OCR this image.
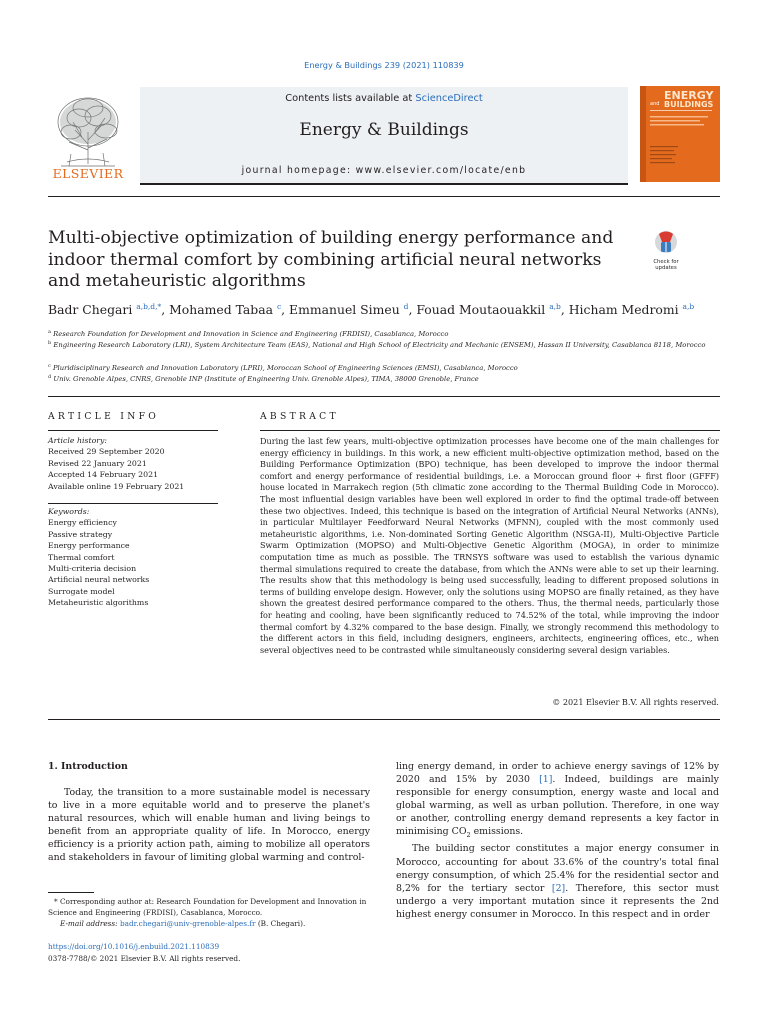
Energy & Buildings 239 (2021) 110839
ELSEVIER
Contents lists available at ScienceDirect
Energy & Buildings
journal homepage: www.elsevier.com/locate/enb
and
ENERGY
BUILDINGS
Multi-objective optimization of building energy performance and indoor thermal comfort by combining artificial neural networks and metaheuristic algorithms
Check for updates
Badr Chegari $^{a,b,d,*}$, Mohamed Tabaa $^c$, Emmanuel Simeu $^d$, Fouad Moutaouakkil $^{a,b}$, Hicham Medromi $^{a,b}$
$^a$ Research Foundation for Development and Innovation in Science and Engineering (FRDISI), Casablanca, Morocco
$^b$ Engineering Research Laboratory (LRI), System Architecture Team (EAS), National and High School of Electricity and Mechanic (ENSEM), Hassan II University, Casablanca 8118, Morocco
$^c$ Pluridisciplinary Research and Innovation Laboratory (LPRI), Moroccan School of Engineering Sciences (EMSI), Casablanca, Morocco
$^d$ Univ. Grenoble Alpes, CNRS, Grenoble INP (Institute of Engineering Univ. Grenoble Alpes), TIMA, 38000 Grenoble, France
ARTICLE INFO
Article history:
Received 29 September 2020
Revised 22 January 2021
Accepted 14 February 2021
Available online 19 February 2021
Keywords:
Energy efficiency
Passive strategy
Energy performance
Thermal comfort
Multi-criteria decision
Artificial neural networks
Surrogate model
Metaheuristic algorithms
ABSTRACT
During the last few years, multi-objective optimization processes have become one of the main challenges for energy efficiency in buildings. In this work, a new efficient multi-objective optimization method, based on the Building Performance Optimization (BPO) technique, has been developed to improve the indoor thermal comfort and energy performance of residential buildings, i.e. a Moroccan ground floor + first floor (GFFF) house located in Marrakech region (5th climatic zone according to the Thermal Building Code in Morocco). The most influential design variables have been well explored in order to find the optimal trade-off between these two objectives. Indeed, this technique is based on the integration of Artificial Neural Networks (ANNs), in particular Multilayer Feedforward Neural Networks (MFNN), coupled with the most commonly used metaheuristic algorithms, i.e. Non-dominated Sorting Genetic Algorithm (NSGA-II), Multi-Objective Particle Swarm Optimization (MOPSO) and Multi-Objective Genetic Algorithm (MOGA), in order to minimize computation time as much as possible. The TRNSYS software was used to establish the various dynamic thermal simulations required to create the database, from which the ANNs were able to set up their learning. The results show that this methodology is being used successfully, leading to different proposed solutions in terms of building envelope design. However, only the solutions using MOPSO are finally retained, as they have shown the greatest desired performance compared to the others. Thus, the thermal needs, particularly those for heating and cooling, have been significantly reduced to 74.52% of the total, while improving the indoor thermal comfort by 4.32% compared to the base design. Finally, we strongly recommend this methodology to the different actors in this field, including designers, engineers, architects, engineering offices, etc., when several objectives need to be contrasted while simultaneously considering several design variables.
© 2021 Elsevier B.V. All rights reserved.
1. Introduction

Today, the transition to a more sustainable model is necessary to live in a more equitable world and to preserve the planet's natural resources, which will enable human and living beings to benefit from an appropriate quality of life. In Morocco, energy efficiency is a priority action path, aiming to mobilize all operators and stakeholders in favour of limiting global warming and control-

ling energy demand, in order to achieve energy savings of 12% by 2020 and 15% by 2030 [1]. Indeed, buildings are mainly responsible for energy consumption, energy waste and local and global warming, as well as urban pollution. Therefore, in one way or another, controlling energy demand represents a key factor in minimising $CO_2$ emissions.

The building sector constitutes a major energy consumer in Morocco, accounting for about 33.6% of the country's total final energy consumption, of which 25.4% for the residential sector and 8,2% for the tertiary sector [2]. Therefore, this sector must undergo a very important mutation since it represents the 2nd highest energy consumer in Morocco. In this respect and in order

* Corresponding author at: Research Foundation for Development and Innovation in Science and Engineering (FRDISI), Casablanca, Morocco.
E-mail address: badr.chegari@univ-grenoble-alpes.fr (B. Chegari).
https://doi.org/10.1016/j.enbuild.2021.110839
0378-7788/© 2021 Elsevier B.V. All rights reserved.
